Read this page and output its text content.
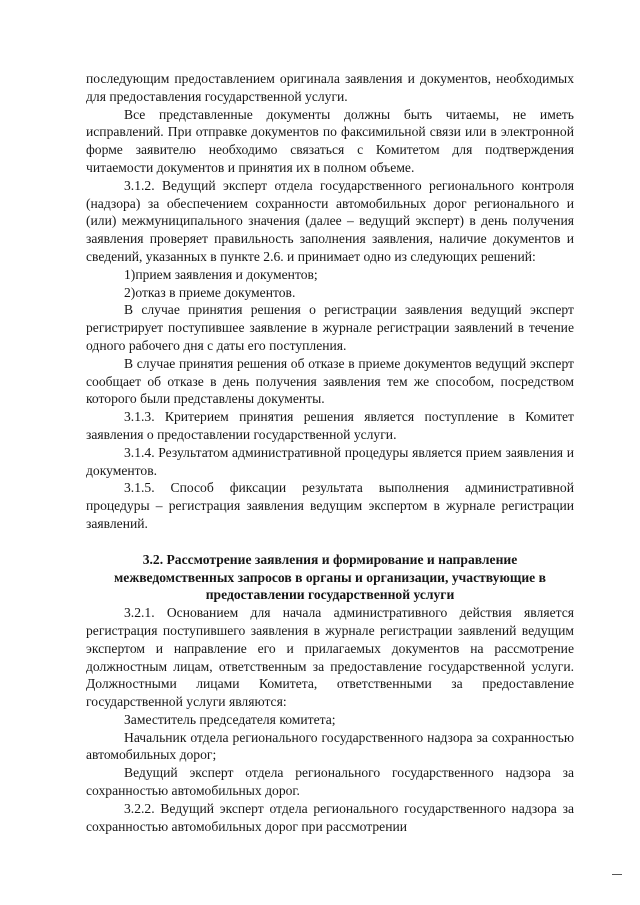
последующим предоставлением оригинала заявления и документов, необходимых для предоставления государственной услуги.

Все представленные документы должны быть читаемы, не иметь исправлений. При отправке документов по факсимильной связи или в электронной форме заявителю необходимо связаться с Комитетом для подтверждения читаемости документов и принятия их в полном объеме.

3.1.2. Ведущий эксперт отдела государственного регионального контроля (надзора) за обеспечением сохранности автомобильных дорог регионального и (или) межмуниципального значения (далее – ведущий эксперт) в день получения заявления проверяет правильность заполнения заявления, наличие документов и сведений, указанных в пункте 2.6. и принимает одно из следующих решений:

1)прием заявления и документов;

2)отказ в приеме документов.

В случае принятия решения о регистрации заявления ведущий эксперт регистрирует поступившее заявление в журнале регистрации заявлений в течение одного рабочего дня с даты его поступления.

В случае принятия решения об отказе в приеме документов ведущий эксперт сообщает об отказе в день получения заявления тем же способом, посредством которого были представлены документы.

3.1.3. Критерием принятия решения является поступление в Комитет заявления о предоставлении государственной услуги.

3.1.4. Результатом административной процедуры является прием заявления и документов.

3.1.5. Способ фиксации результата выполнения административной процедуры – регистрация заявления ведущим экспертом в журнале регистрации заявлений.

3.2. Рассмотрение заявления и формирование и направление межведомственных запросов в органы и организации, участвующие в предоставлении государственной услуги

3.2.1. Основанием для начала административного действия является регистрация поступившего заявления в журнале регистрации заявлений ведущим экспертом и направление его и прилагаемых документов на рассмотрение должностным лицам, ответственным за предоставление государственной услуги. Должностными лицами Комитета, ответственными за предоставление государственной услуги являются:

Заместитель председателя комитета;

Начальник отдела регионального государственного надзора за сохранностью автомобильных дорог;

Ведущий эксперт отдела регионального государственного надзора за сохранностью автомобильных дорог.

3.2.2. Ведущий эксперт отдела регионального государственного надзора за сохранностью автомобильных дорог при рассмотрении
